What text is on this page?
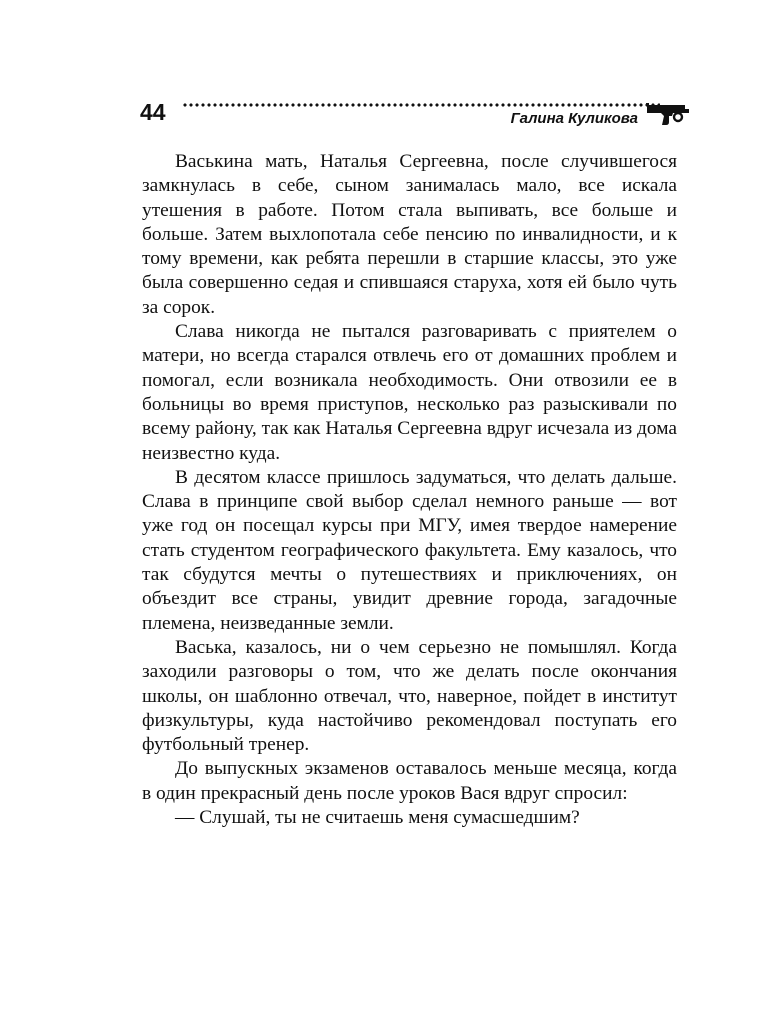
44	Галина Куликова

Васькина мать, Наталья Сергеевна, после случившегося замкнулась в себе, сыном занималась мало, все искала утешения в работе. Потом стала выпивать, все больше и больше. Затем выхлопотала себе пенсию по инвалидности, и к тому времени, как ребята перешли в старшие классы, это уже была совершенно седая и спившаяся старуха, хотя ей было чуть за сорок.

Слава никогда не пытался разговаривать с приятелем о матери, но всегда старался отвлечь его от домашних проблем и помогал, если возникала необходимость. Они отвозили ее в больницы во время приступов, несколько раз разыскивали по всему району, так как Наталья Сергеевна вдруг исчезала из дома неизвестно куда.

В десятом классе пришлось задуматься, что делать дальше. Слава в принципе свой выбор сделал немного раньше — вот уже год он посещал курсы при МГУ, имея твердое намерение стать студентом географического факультета. Ему казалось, что так сбудутся мечты о путешествиях и приключениях, он объездит все страны, увидит древние города, загадочные племена, неизведанные земли.

Васька, казалось, ни о чем серьезно не помышлял. Когда заходили разговоры о том, что же делать после окончания школы, он шаблонно отвечал, что, наверное, пойдет в институт физкультуры, куда настойчиво рекомендовал поступать его футбольный тренер.

До выпускных экзаменов оставалось меньше месяца, когда в один прекрасный день после уроков Вася вдруг спросил:

— Слушай, ты не считаешь меня сумасшедшим?
